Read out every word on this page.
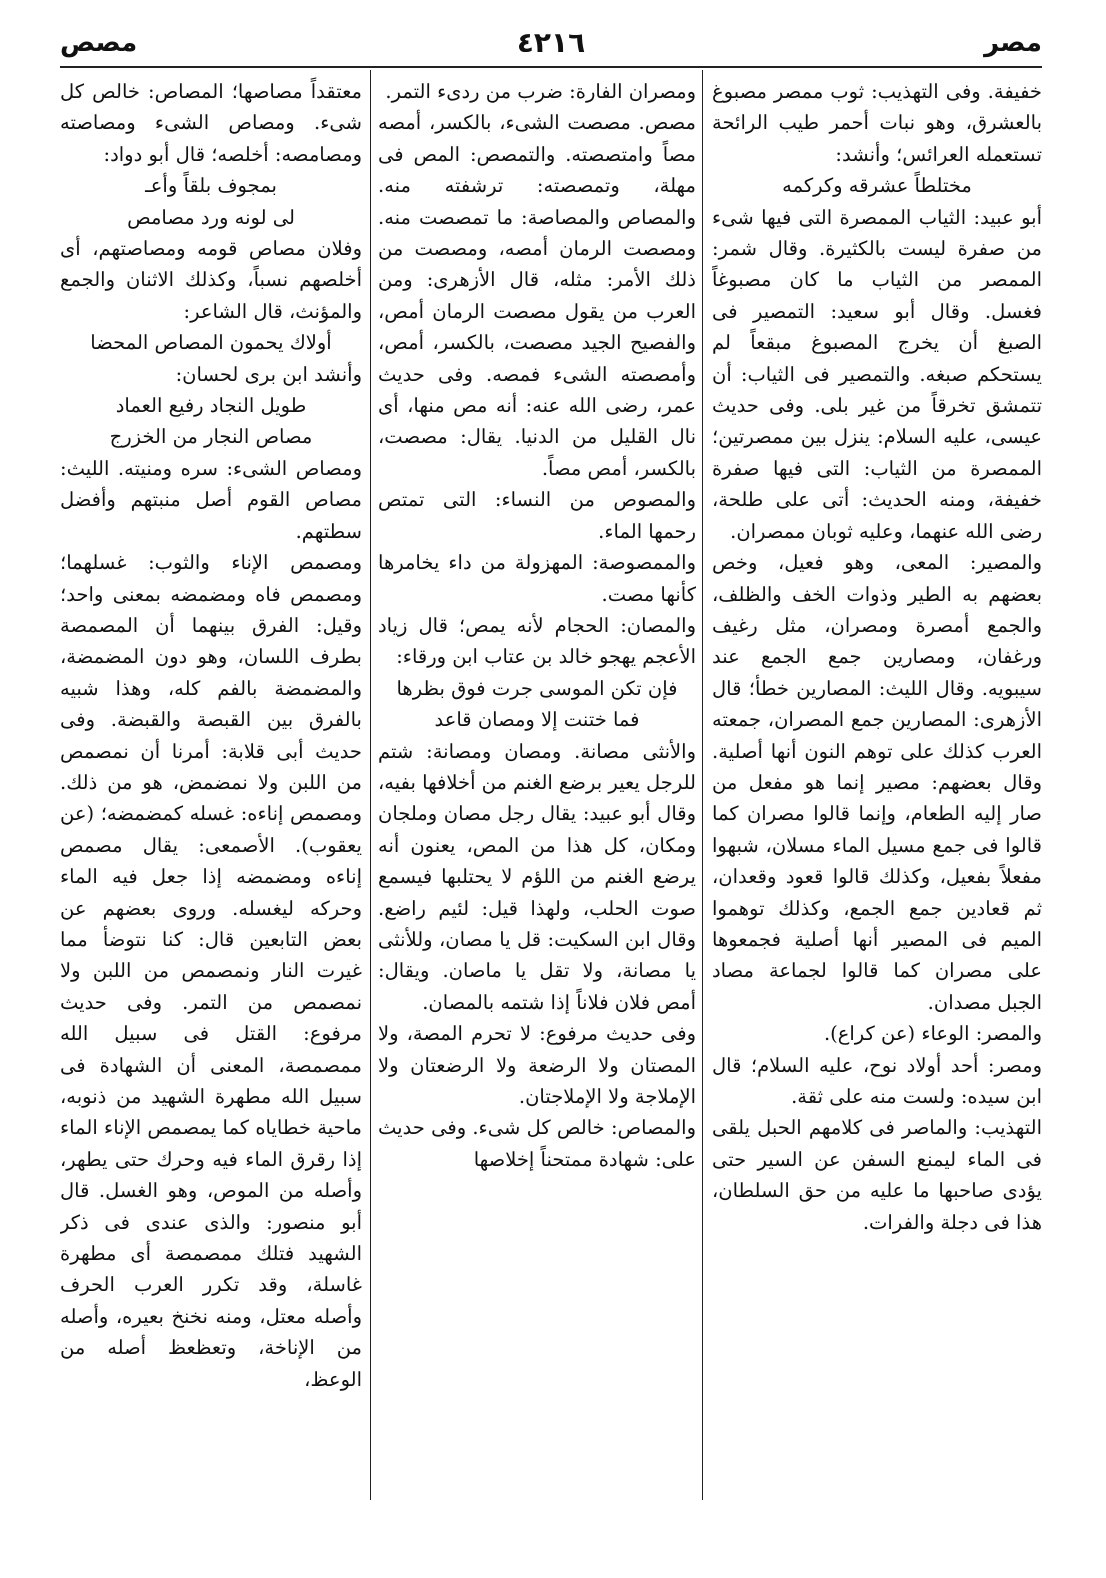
مصر
٤٢١٦
مصص

خفيفة. وفى التهذيب: ثوب ممصر مصبوغ بالعشرق، وهو نبات أحمر طيب الرائحة تستعمله العرائس؛ وأنشد:

مختلطاً عشرقه وكركمه

أبو عبيد: الثياب الممصرة التى فيها شىء من صفرة ليست بالكثيرة. وقال شمر: الممصر من الثياب ما كان مصبوغاً فغسل. وقال أبو سعيد: التمصير فى الصبغ أن يخرج المصبوغ مبقعاً لم يستحكم صبغه. والتمصير فى الثياب: أن تتمشق تخرقاً من غير بلى. وفى حديث عيسى، عليه السلام: ينزل بين ممصرتين؛ الممصرة من الثياب: التى فيها صفرة خفيفة، ومنه الحديث: أتى على طلحة، رضى الله عنهما، وعليه ثوبان ممصران.

والمصير: المعى، وهو فعيل، وخص بعضهم به الطير وذوات الخف والظلف، والجمع أمصرة ومصران، مثل رغيف ورغفان، ومصارين جمع الجمع عند سيبويه. وقال الليث: المصارين خطأ؛ قال الأزهرى: المصارين جمع المصران، جمعته العرب كذلك على توهم النون أنها أصلية. وقال بعضهم: مصير إنما هو مفعل من صار إليه الطعام، وإنما قالوا مصران كما قالوا فى جمع مسيل الماء مسلان، شبهوا مفعلاً بفعيل، وكذلك قالوا قعود وقعدان، ثم قعادين جمع الجمع، وكذلك توهموا الميم فى المصير أنها أصلية فجمعوها على مصران كما قالوا لجماعة مصاد الجبل مصدان.

والمصر: الوعاء (عن كراع).

ومصر: أحد أولاد نوح، عليه السلام؛ قال ابن سيده: ولست منه على ثقة.

التهذيب: والماصر فى كلامهم الحبل يلقى فى الماء ليمنع السفن عن السير حتى يؤدى صاحبها ما عليه من حق السلطان، هذا فى دجلة والفرات.

ومصران الفارة: ضرب من ردىء التمر.

مصص. مصصت الشىء، بالكسر، أمصه مصاً وامتصصته. والتمصص: المص فى مهلة، وتمصصته: ترشفته منه. والمصاص والمصاصة: ما تمصصت منه. ومصصت الرمان أمصه، ومصصت من ذلك الأمر: مثله، قال الأزهرى: ومن العرب من يقول مصصت الرمان أمص، والفصيح الجيد مصصت، بالكسر، أمص، وأمصصته الشىء فمصه. وفى حديث عمر، رضى الله عنه: أنه مص منها، أى نال القليل من الدنيا. يقال: مصصت، بالكسر، أمص مصاً.

والمصوص من النساء: التى تمتص رحمها الماء.

والممصوصة: المهزولة من داء يخامرها كأنها مصت.

والمصان: الحجام لأنه يمص؛ قال زياد الأعجم يهجو خالد بن عتاب ابن ورقاء:

فإن تكن الموسى جرت فوق بظرها

فما ختنت إلا ومصان قاعد

والأنثى مصانة. ومصان ومصانة: شتم للرجل يعير برضع الغنم من أخلافها بفيه، وقال أبو عبيد: يقال رجل مصان وملجان ومكان، كل هذا من المص، يعنون أنه يرضع الغنم من اللؤم لا يحتلبها فيسمع صوت الحلب، ولهذا قيل: لئيم راضع. وقال ابن السكيت: قل يا مصان، وللأنثى يا مصانة، ولا تقل يا ماصان. ويقال: أمص فلان فلاناً إذا شتمه بالمصان.

وفى حديث مرفوع: لا تحرم المصة، ولا المصتان ولا الرضعة ولا الرضعتان ولا الإملاجة ولا الإملاجتان.

والمصاص: خالص كل شىء. وفى حديث على: شهادة ممتحناً إخلاصها

معتقداً مصاصها؛ المصاص: خالص كل شىء. ومصاص الشىء ومصاصته ومصامصه: أخلصه؛ قال أبو دواد:

بمجوف بلقاً وأعـ

لى لونه ورد مصامص

وفلان مصاص قومه ومصاصتهم، أى أخلصهم نسباً، وكذلك الاثنان والجمع والمؤنث، قال الشاعر:

أولاك يحمون المصاص المحضا

وأنشد ابن برى لحسان:

طويل النجاد رفيع العماد

مصاص النجار من الخزرج

ومصاص الشىء: سره ومنيته. الليث: مصاص القوم أصل منبتهم وأفضل سطتهم.

ومصمص الإناء والثوب: غسلهما؛ ومصمص فاه ومضمضه بمعنى واحد؛ وقيل: الفرق بينهما أن المصمصة بطرف اللسان، وهو دون المضمضة، والمضمضة بالفم كله، وهذا شبيه بالفرق بين القبصة والقبضة. وفى حديث أبى قلابة: أمرنا أن نمصمص من اللبن ولا نمضمض، هو من ذلك. ومصمص إناءه: غسله كمضمضه؛ (عن يعقوب). الأصمعى: يقال مصمص إناءه ومضمضه إذا جعل فيه الماء وحركه ليغسله. وروى بعضهم عن بعض التابعين قال: كنا نتوضأ مما غيرت النار ونمصمص من اللبن ولا نمصمص من التمر. وفى حديث مرفوع: القتل فى سبيل الله ممصمصة، المعنى أن الشهادة فى سبيل الله مطهرة الشهيد من ذنوبه، ماحية خطاياه كما يمصمص الإناء الماء إذا رقرق الماء فيه وحرك حتى يطهر، وأصله من الموص، وهو الغسل. قال أبو منصور: والذى عندى فى ذكر الشهيد فتلك ممصمصة أى مطهرة غاسلة، وقد تكرر العرب الحرف وأصله معتل، ومنه نخنخ بعيره، وأصله من الإناخة، وتعظعظ أصله من الوعظ،
